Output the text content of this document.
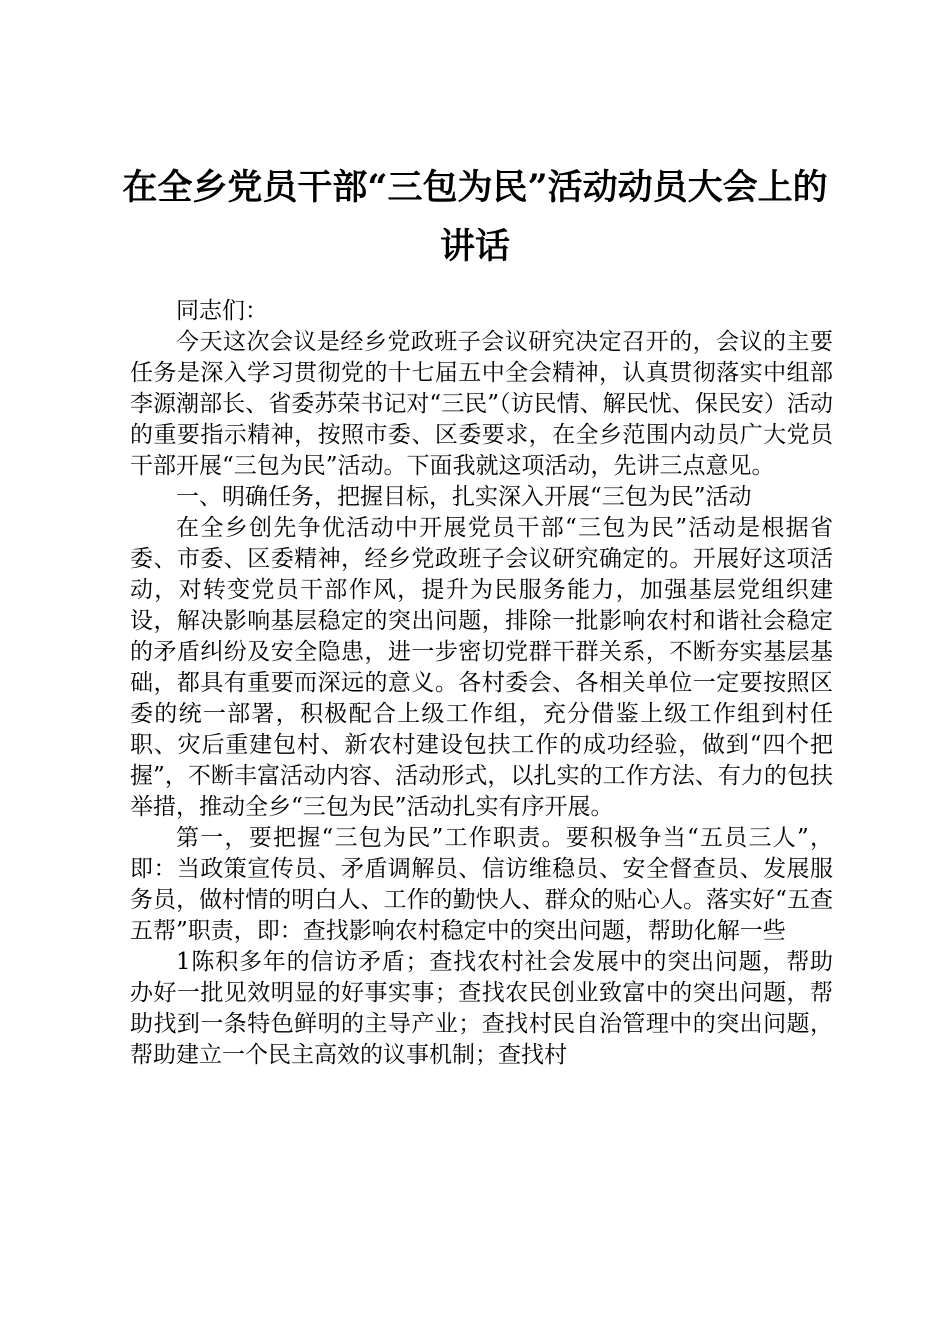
在全乡党员干部“三包为民”活动动员大会上的讲话

同志们：

今天这次会议是经乡党政班子会议研究决定召开的，会议的主要任务是深入学习贯彻党的十七届五中全会精神，认真贯彻落实中组部李源潮部长、省委苏荣书记对“三民”（访民情、解民忧、保民安）活动的重要指示精神，按照市委、区委要求，在全乡范围内动员广大党员干部开展“三包为民”活动。下面我就这项活动，先讲三点意见。

一、明确任务，把握目标，扎实深入开展“三包为民”活动

在全乡创先争优活动中开展党员干部“三包为民”活动是根据省委、市委、区委精神，经乡党政班子会议研究确定的。开展好这项活动，对转变党员干部作风，提升为民服务能力，加强基层党组织建设，解决影响基层稳定的突出问题，排除一批影响农村和谐社会稳定的矛盾纠纷及安全隐患，进一步密切党群干群关系，不断夯实基层基础，都具有重要而深远的意义。各村委会、各相关单位一定要按照区委的统一部署，积极配合上级工作组，充分借鉴上级工作组到村任职、灾后重建包村、新农村建设包扶工作的成功经验，做到“四个把握”，不断丰富活动内容、活动形式，以扎实的工作方法、有力的包扶举措，推动全乡“三包为民”活动扎实有序开展。

第一，要把握“三包为民”工作职责。要积极争当“五员三人”，即：当政策宣传员、矛盾调解员、信访维稳员、安全督查员、发展服务员，做村情的明白人、工作的勤快人、群众的贴心人。落实好“五查五帮”职责，即：查找影响农村稳定中的突出问题，帮助化解一些

1陈积多年的信访矛盾；查找农村社会发展中的突出问题，帮助办好一批见效明显的好事实事；查找农民创业致富中的突出问题，帮助找到一条特色鲜明的主导产业；查找村民自治管理中的突出问题，帮助建立一个民主高效的议事机制；查找村
